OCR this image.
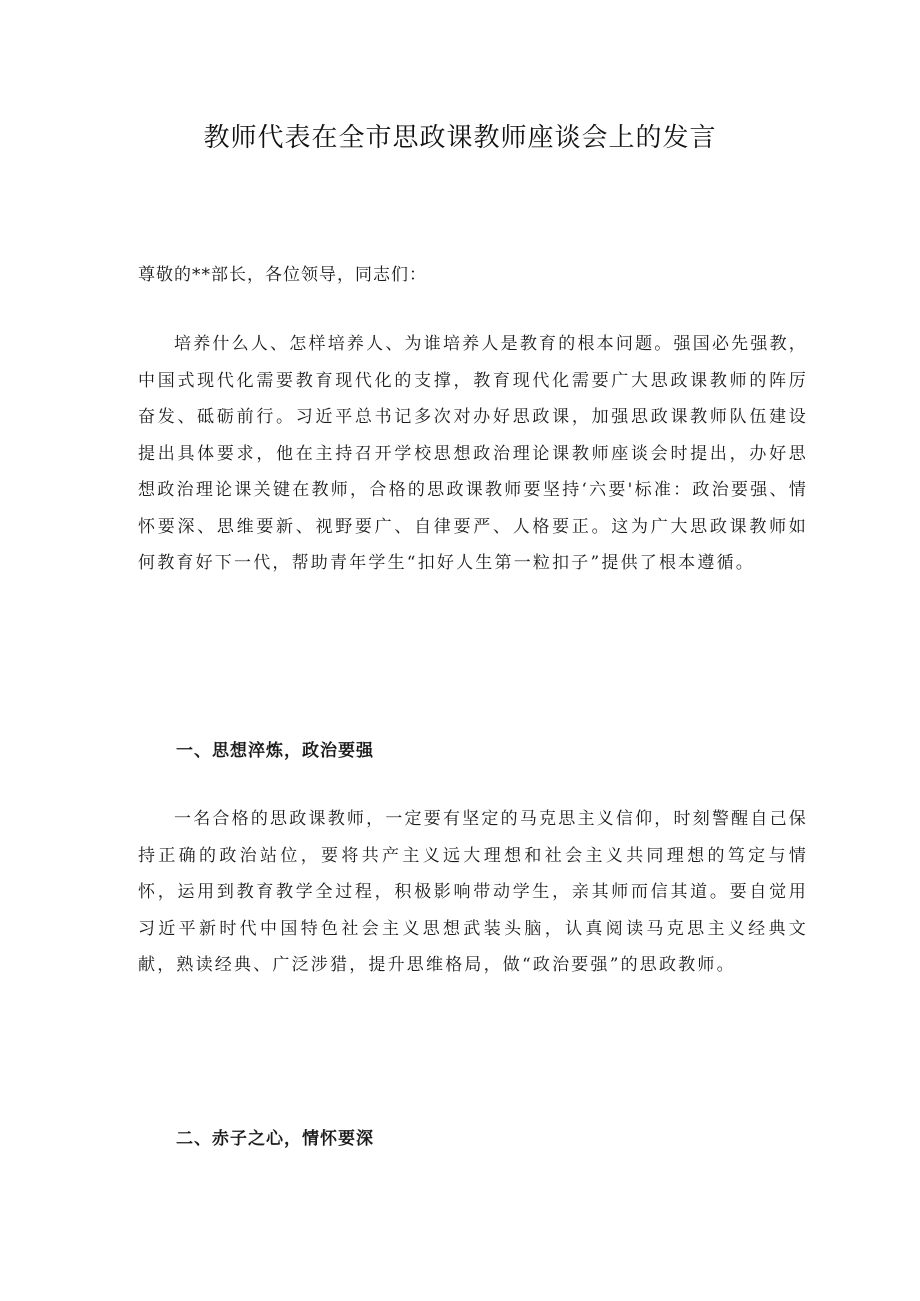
教师代表在全市思政课教师座谈会上的发言

尊敬的**部长，各位领导，同志们：

培养什么人、怎样培养人、为谁培养人是教育的根本问题。强国必先强教，中国式现代化需要教育现代化的支撑，教育现代化需要广大思政课教师的阵厉奋发、砥砺前行。习近平总书记多次对办好思政课，加强思政课教师队伍建设提出具体要求，他在主持召开学校思想政治理论课教师座谈会时提出，办好思想政治理论课关键在教师，合格的思政课教师要坚持‘六要'标准：政治要强、情怀要深、思维要新、视野要广、自律要严、人格要正。这为广大思政课教师如何教育好下一代，帮助青年学生“扣好人生第一粒扣子”提供了根本遵循。

一、思想淬炼，政治要强

一名合格的思政课教师，一定要有坚定的马克思主义信仰，时刻警醒自己保持正确的政治站位，要将共产主义远大理想和社会主义共同理想的笃定与情怀，运用到教育教学全过程，积极影响带动学生，亲其师而信其道。要自觉用习近平新时代中国特色社会主义思想武装头脑，认真阅读马克思主义经典文献，熟读经典、广泛涉猎，提升思维格局，做“政治要强”的思政教师。

二、赤子之心，情怀要深
